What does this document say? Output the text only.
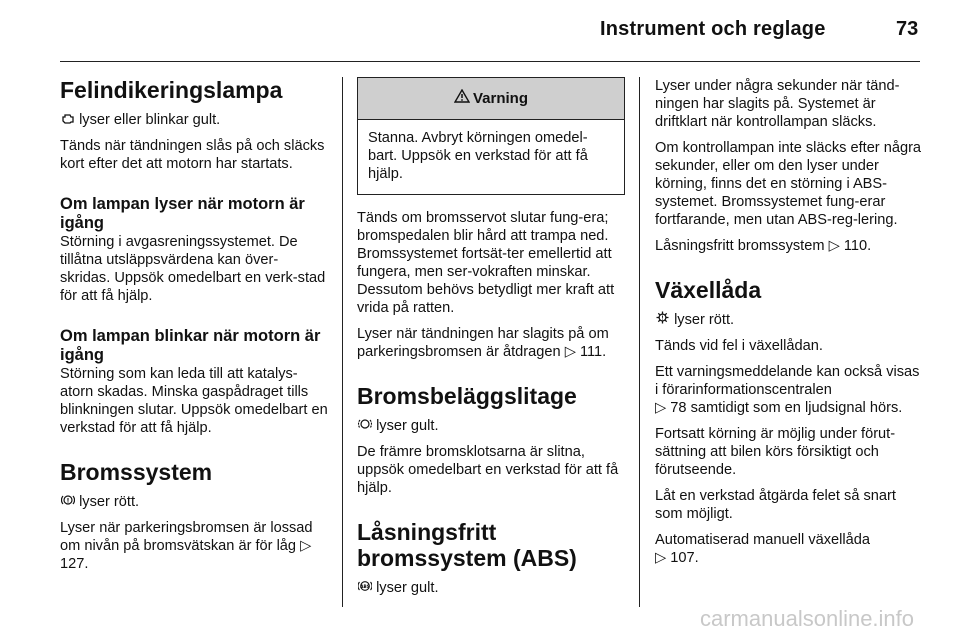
Instrument och reglage	73
Felindikeringslampa

lyser eller blinkar gult.

Tänds när tändningen slås på och släcks kort efter det att motorn har startats.

Om lampan lyser när motorn är igång

Störning i avgasreningssystemet. De tillåtna utsläppsvärdena kan över-skridas. Uppsök omedelbart en verk-stad för att få hjälp.

Om lampan blinkar när motorn är igång

Störning som kan leda till att katalys-atorn skadas. Minska gaspådraget tills blinkningen slutar. Uppsök omedelbart en verkstad för att få hjälp.

Bromssystem

! lyser rött.

Lyser när parkeringsbromsen är lossad om nivån på bromsvätskan är för låg ▷ 127.

Varning
Stanna. Avbryt körningen omedel-bart. Uppsök en verkstad för att få hjälp.

Tänds om bromsservot slutar fung-era; bromspedalen blir hård att trampa ned. Bromssystemet fortsät-ter emellertid att fungera, men ser-vokraften minskar. Dessutom behövs betydligt mer kraft att vrida på ratten.

Lyser när tändningen har slagits på om parkeringsbromsen är åtdragen ▷ 111.

Bromsbeläggslitage

lyser gult.

De främre bromsklotsarna är slitna, uppsök omedelbart en verkstad för att få hjälp.

Låsningsfritt bromssystem (ABS)

ABS lyser gult.

Lyser under några sekunder när tänd-ningen har slagits på. Systemet är driftklart när kontrollampan släcks.

Om kontrollampan inte släcks efter några sekunder, eller om den lyser under körning, finns det en störning i ABS-systemet. Bromssystemet fung-erar fortfarande, men utan ABS-reg-lering.

Låsningsfritt bromssystem ▷ 110.

Växellåda

! lyser rött.

Tänds vid fel i växellådan.

Ett varningsmeddelande kan också visas i förarinformationscentralen
▷ 78 samtidigt som en ljudsignal hörs.

Fortsatt körning är möjlig under förut-sättning att bilen körs försiktigt och förutseende.

Låt en verkstad åtgärda felet så snart som möjligt.

Automatiserad manuell växellåda
▷ 107.

carmanualsonline.info
